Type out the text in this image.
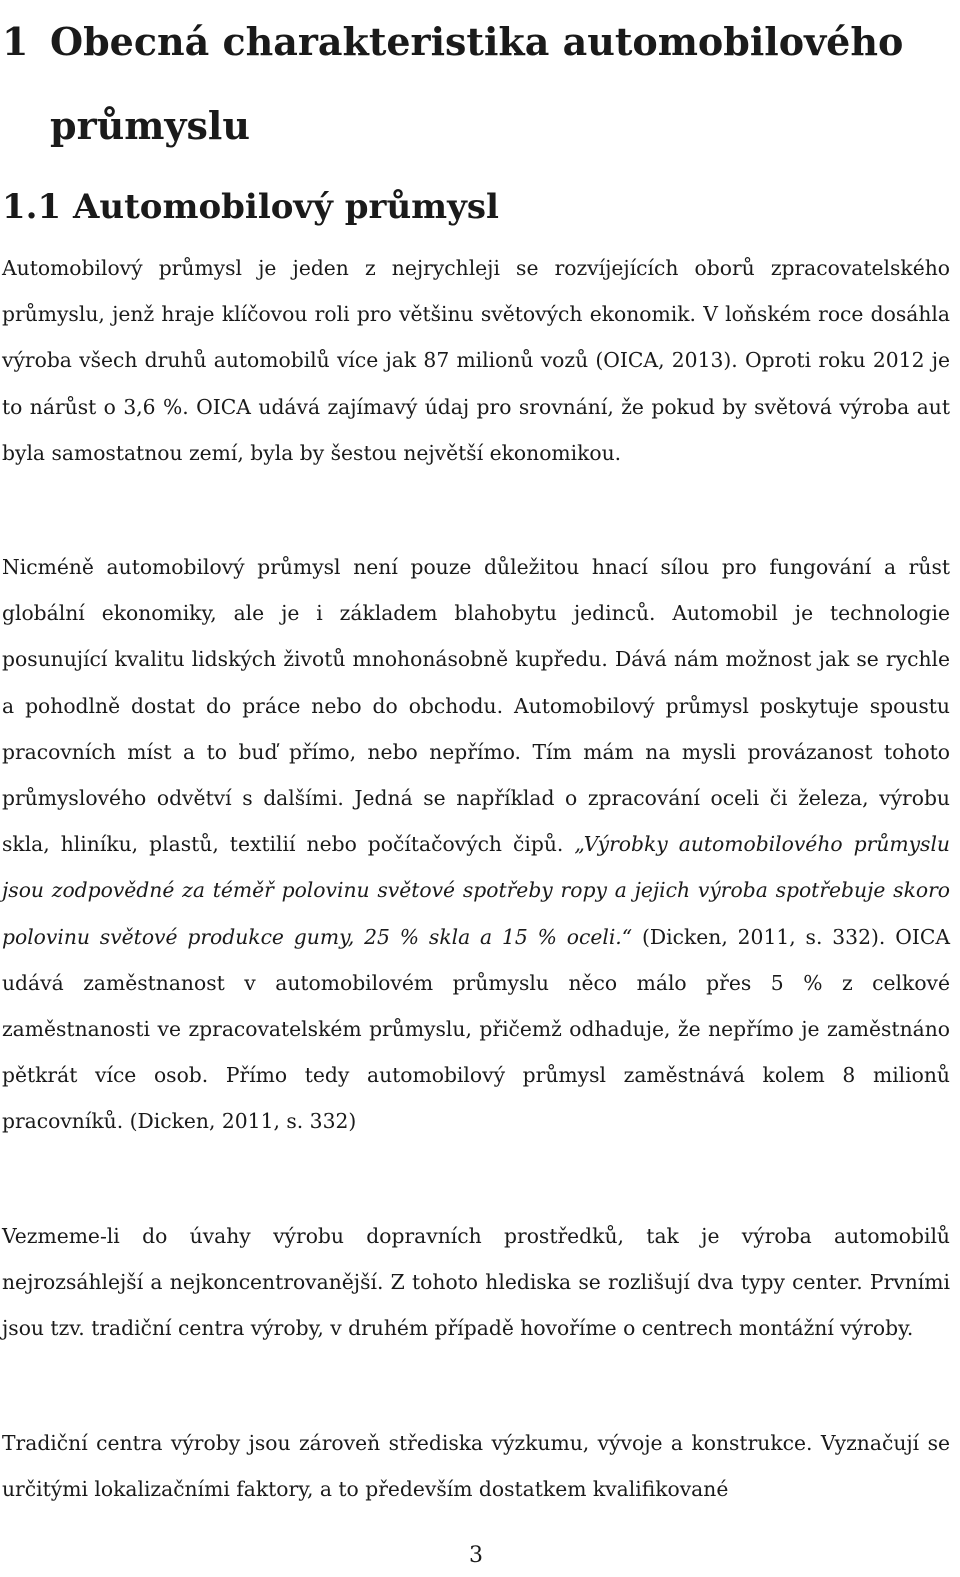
1 Obecná charakteristika automobilového
průmyslu
1.1 Automobilový průmysl

Automobilový průmysl je jeden z nejrychleji se rozvíjejících oborů zpracovatelského průmyslu, jenž hraje klíčovou roli pro většinu světových ekonomik. V loňském roce dosáhla výroba všech druhů automobilů více jak 87 milionů vozů (OICA, 2013). Oproti roku 2012 je to nárůst o 3,6 %. OICA udává zajímavý údaj pro srovnání, že pokud by světová výroba aut byla samostatnou zemí, byla by šestou největší ekonomikou.

Nicméně automobilový průmysl není pouze důležitou hnací sílou pro fungování a růst globální ekonomiky, ale je i základem blahobytu jedinců. Automobil je technologie posunující kvalitu lidských životů mnohonásobně kupředu. Dává nám možnost jak se rychle a pohodlně dostat do práce nebo do obchodu. Automobilový průmysl poskytuje spoustu pracovních míst a to buď přímo, nebo nepřímo. Tím mám na mysli provázanost tohoto průmyslového odvětví s dalšími. Jedná se například o zpracování oceli či železa, výrobu skla, hliníku, plastů, textilií nebo počítačových čipů. „Výrobky automobilového průmyslu jsou zodpovědné za téměř polovinu světové spotřeby ropy a jejich výroba spotřebuje skoro polovinu světové produkce gumy, 25 % skla a 15 % oceli.“ (Dicken, 2011, s. 332). OICA udává zaměstnanost v automobilovém průmyslu něco málo přes 5 % z celkové zaměstnanosti ve zpracovatelském průmyslu, přičemž odhaduje, že nepřímo je zaměstnáno pětkrát více osob. Přímo tedy automobilový průmysl zaměstnává kolem 8 milionů pracovníků. (Dicken, 2011, s. 332)

Vezmeme-li do úvahy výrobu dopravních prostředků, tak je výroba automobilů nejrozsáhlejší a nejkoncentrovanější. Z tohoto hlediska se rozlišují dva typy center. Prvními jsou tzv. tradiční centra výroby, v druhém případě hovoříme o centrech montážní výroby.

Tradiční centra výroby jsou zároveň střediska výzkumu, vývoje a konstrukce. Vyznačují se určitými lokalizačními faktory, a to především dostatkem kvalifikované

3
